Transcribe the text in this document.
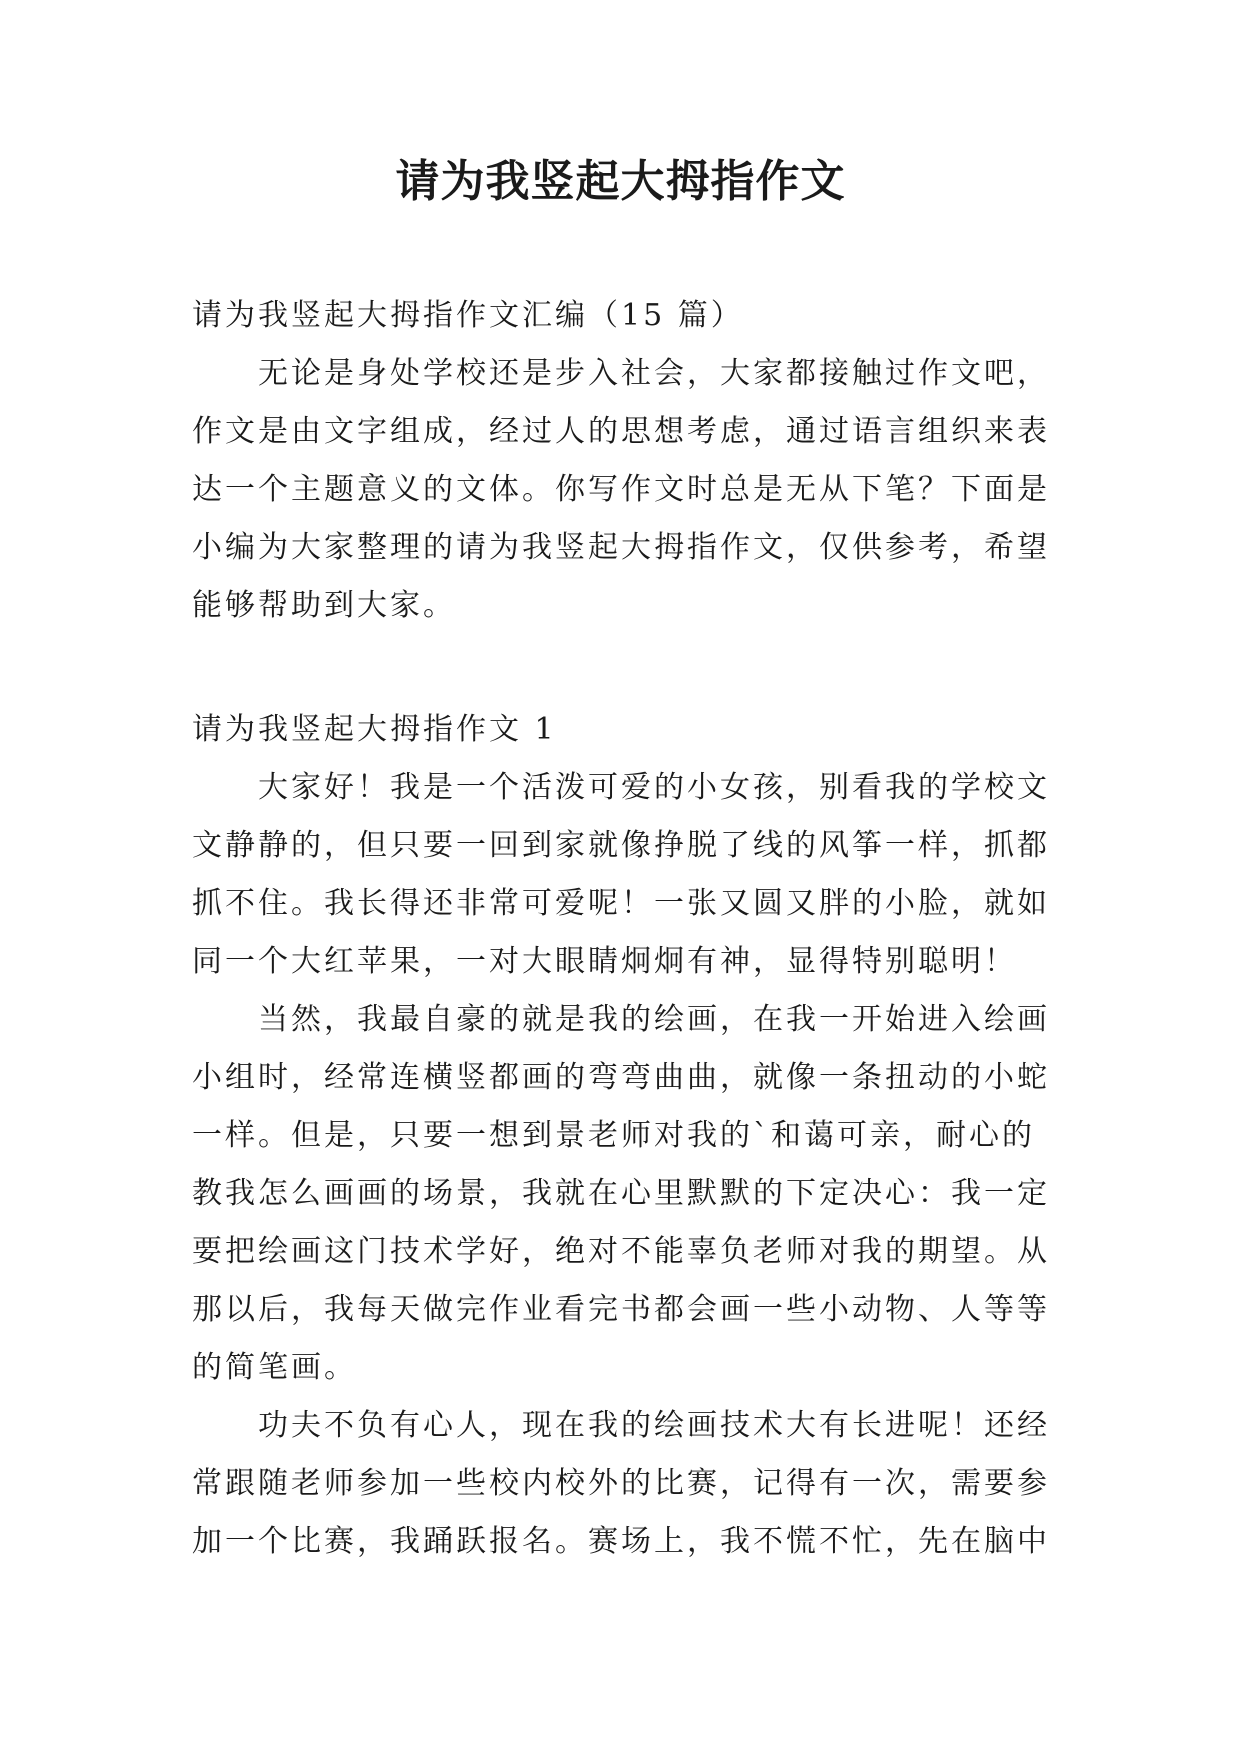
请为我竖起大拇指作文
请为我竖起大拇指作文汇编（15 篇）
　　无论是身处学校还是步入社会，大家都接触过作文吧，
作文是由文字组成，经过人的思想考虑，通过语言组织来表
达一个主题意义的文体。你写作文时总是无从下笔？下面是
小编为大家整理的请为我竖起大拇指作文，仅供参考，希望
能够帮助到大家。
请为我竖起大拇指作文 1
　　大家好！我是一个活泼可爱的小女孩，别看我的学校文
文静静的，但只要一回到家就像挣脱了线的风筝一样，抓都
抓不住。我长得还非常可爱呢！一张又圆又胖的小脸，就如
同一个大红苹果，一对大眼睛炯炯有神，显得特别聪明！
　　当然，我最自豪的就是我的绘画，在我一开始进入绘画
小组时，经常连横竖都画的弯弯曲曲，就像一条扭动的小蛇
一样。但是，只要一想到景老师对我的`和蔼可亲，耐心的
教我怎么画画的场景，我就在心里默默的下定决心：我一定
要把绘画这门技术学好，绝对不能辜负老师对我的期望。从
那以后，我每天做完作业看完书都会画一些小动物、人等等
的简笔画。
　　功夫不负有心人，现在我的绘画技术大有长进呢！还经
常跟随老师参加一些校内校外的比赛，记得有一次，需要参
加一个比赛，我踊跃报名。赛场上，我不慌不忙，先在脑中
